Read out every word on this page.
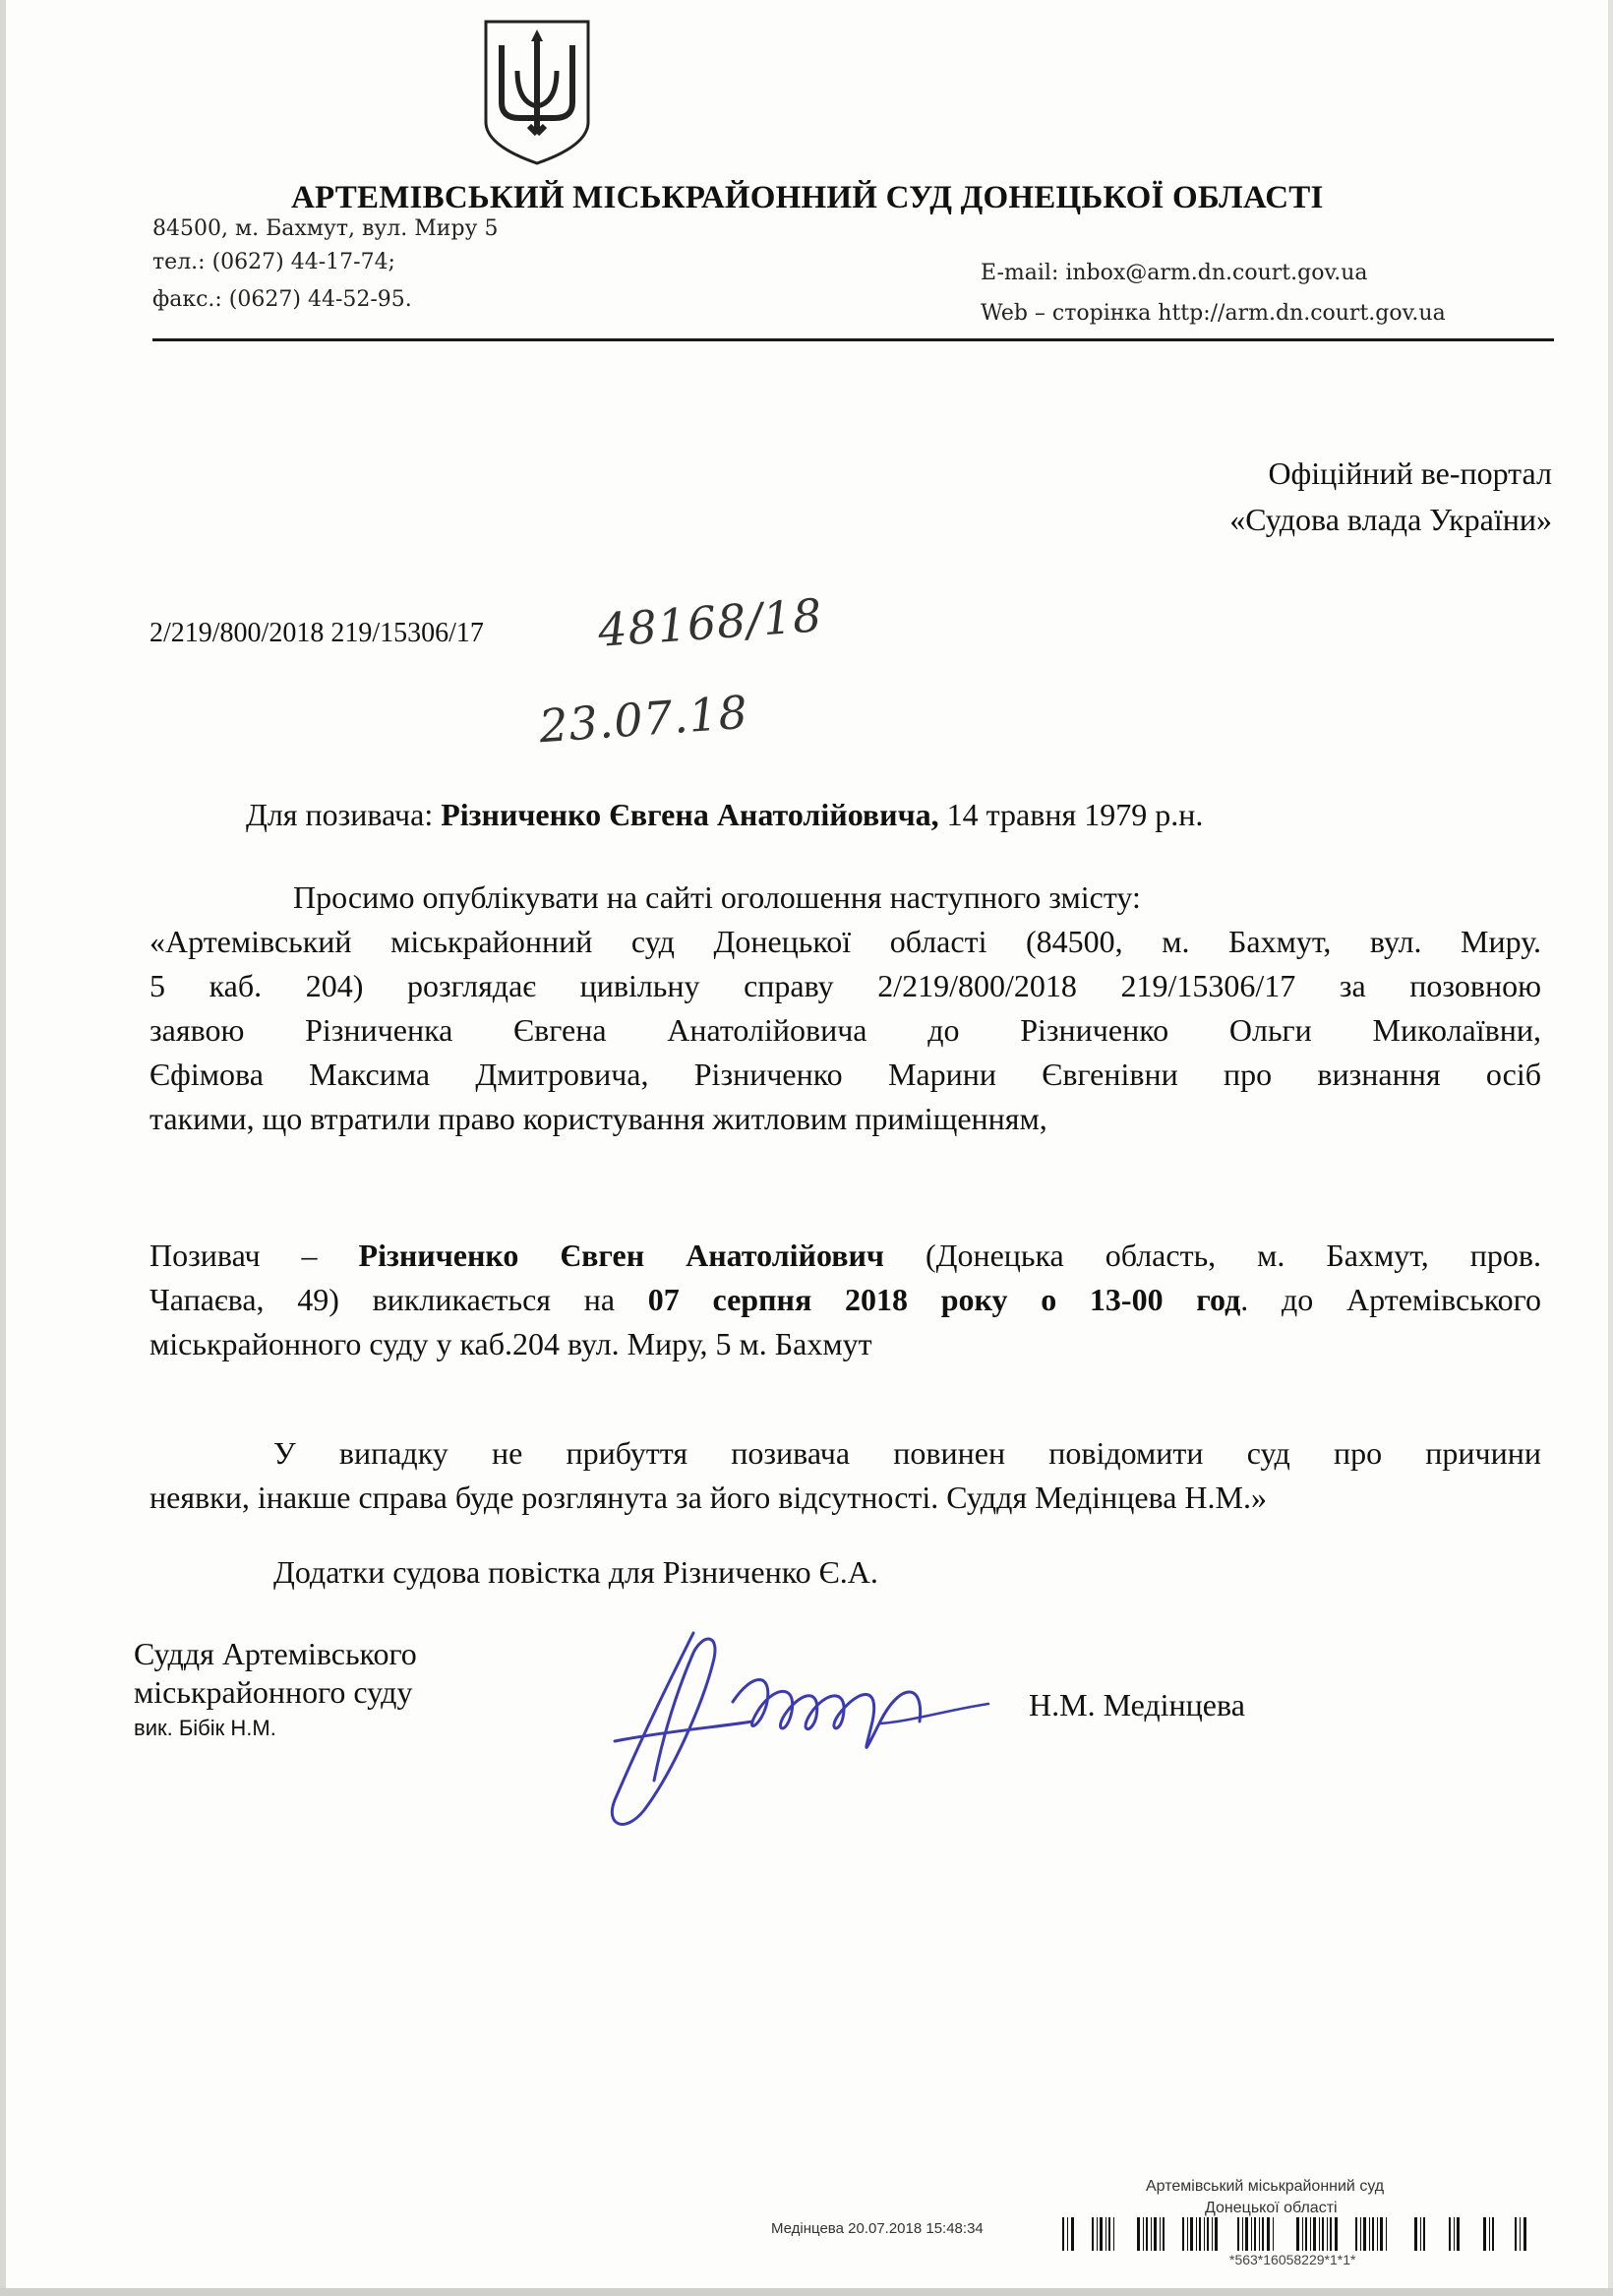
АРТЕМІВСЬКИЙ МІСЬКРАЙОННИЙ СУД ДОНЕЦЬКОЇ ОБЛАСТІ
84500, м. Бахмут, вул. Миру 5
тел.: (0627) 44-17-74;
факс.: (0627) 44-52-95.
E-mail: inbox@arm.dn.court.gov.ua
Web – сторінка http://arm.dn.court.gov.ua
Офіційний ве-портал
«Судова влада України»
2/219/800/2018 219/15306/17 48168/18
23.07.18
Для позивача: Різниченко Євгена Анатолійовича, 14 травня 1979 р.н.
Просимо опублікувати на сайті оголошення наступного змісту:
«Артемівський міськрайонний суд Донецької області (84500, м. Бахмут, вул. Миру.
5 каб. 204) розглядає цивільну справу 2/219/800/2018 219/15306/17 за позовною
заявою Різниченка Євгена Анатолійовича до Різниченко Ольги Миколаївни,
Єфімова Максима Дмитровича, Різниченко Марини Євгенівни про визнання осіб
такими, що втратили право користування житловим приміщенням,
Позивач – Різниченко Євген Анатолійович (Донецька область, м. Бахмут, пров.
Чапаєва, 49) викликається на 07 серпня 2018 року о 13-00 год. до Артемівського
міськрайонного суду у каб.204 вул. Миру, 5 м. Бахмут
У випадку не прибуття позивача повинен повідомити суд про причини
неявки, інакше справа буде розглянута за його відсутності. Суддя Медінцева Н.М.»
Додатки судова повістка для Різниченко Є.А.
Суддя Артемівського
міськрайонного суду
вик. Бібік Н.М.
Н.М. Медінцева
Артемівський міськрайонний суд
Донецької області
Медінцева 20.07.2018 15:48:34
*563*16058229*1*1*
